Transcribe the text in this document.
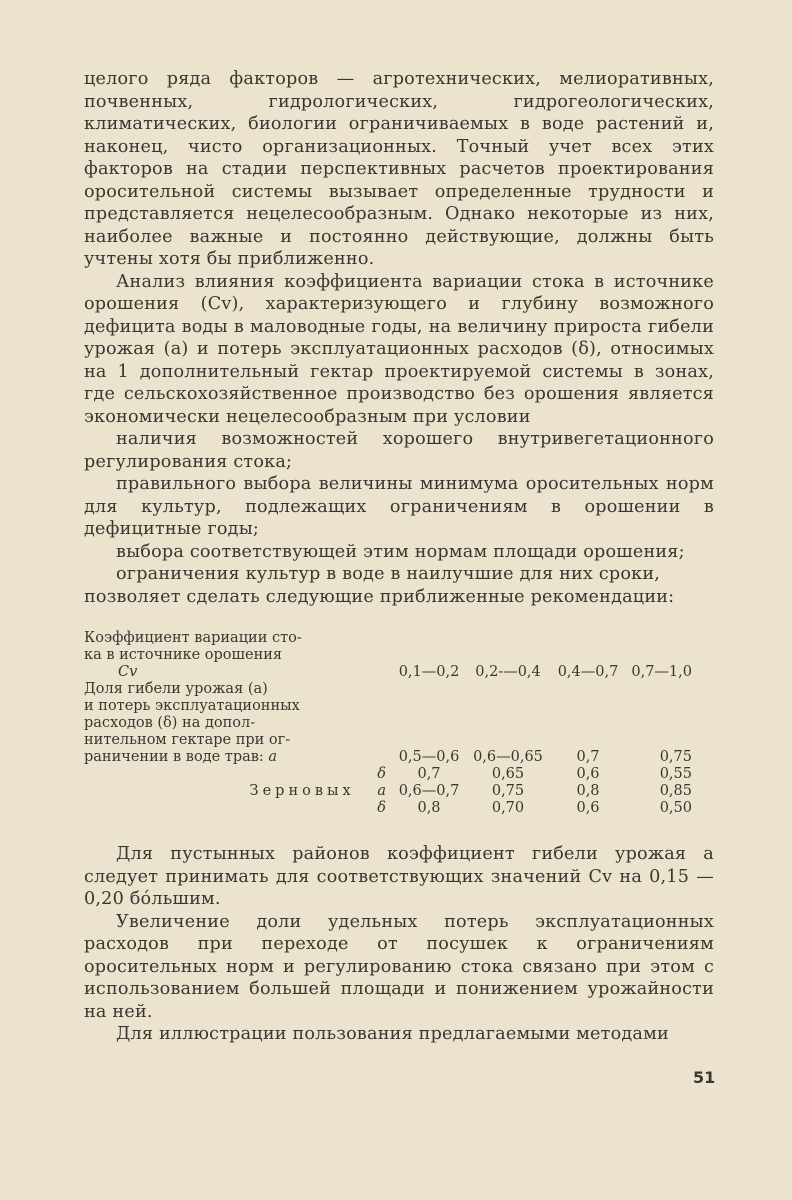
целого ряда факторов — агротехнических, мелиоративных, почвенных, гидрологических, гидрогеологических, климатических, биологии ограничиваемых в воде растений и, наконец, чисто организационных. Точный учет всех этих факторов на стадии перспективных расчетов проектирования оросительной системы вызывает определенные трудности и представляется нецелесообразным. Однако некоторые из них, наиболее важные и постоянно действующие, должны быть учтены хотя бы приближенно.

Анализ влияния коэффициента вариации стока в источнике орошения (Cv), характеризующего и глубину возможного дефицита воды в маловодные годы, на величину прироста гибели урожая (a) и потерь эксплуатационных расходов (δ), относимых на 1 дополнительный гектар проектируемой системы в зонах, где сельскохозяйственное производство без орошения является экономически нецелесообразным при условии

наличия возможностей хорошего внутривегетационного регулирования стока;

правильного выбора величины минимума оросительных норм для культур, подлежащих ограничениям в орошении в дефицитные годы;

выбора соответствующей этим нормам площади орошения;

ограничения культур в воде в наилучшие для них сроки,

позволяет сделать следующие приближенные рекомендации:

Коэффициент вариации сто-
ка в источнике орошения
Cv	0,1—0,2	0,2-—0,4	0,4—0,7 0,7—1,0
Доля гибели урожая (a)
и потерь эксплуатационных
расходов (δ) на допол-
нительном гектаре при ог-
раничении в воде трав: a	0,5—0,6 0,6—0,65	0,7	0,75
δ	0,7	0,65	0,6	0,55
Зерновых a 0,6—0,7	0,75	0,8	0,85
δ	0,8	0,70	0,6	0,50

Для пустынных районов коэффициент гибели урожая a следует принимать для соответствующих значений Cv на 0,15 — 0,20 бо́льшим.

Увеличение доли удельных потерь эксплуатационных расходов при переходе от посушек к ограничениям оросительных норм и регулированию стока связано при этом с использованием большей площади и понижением урожайности на ней.

Для иллюстрации пользования предлагаемыми методами

51
